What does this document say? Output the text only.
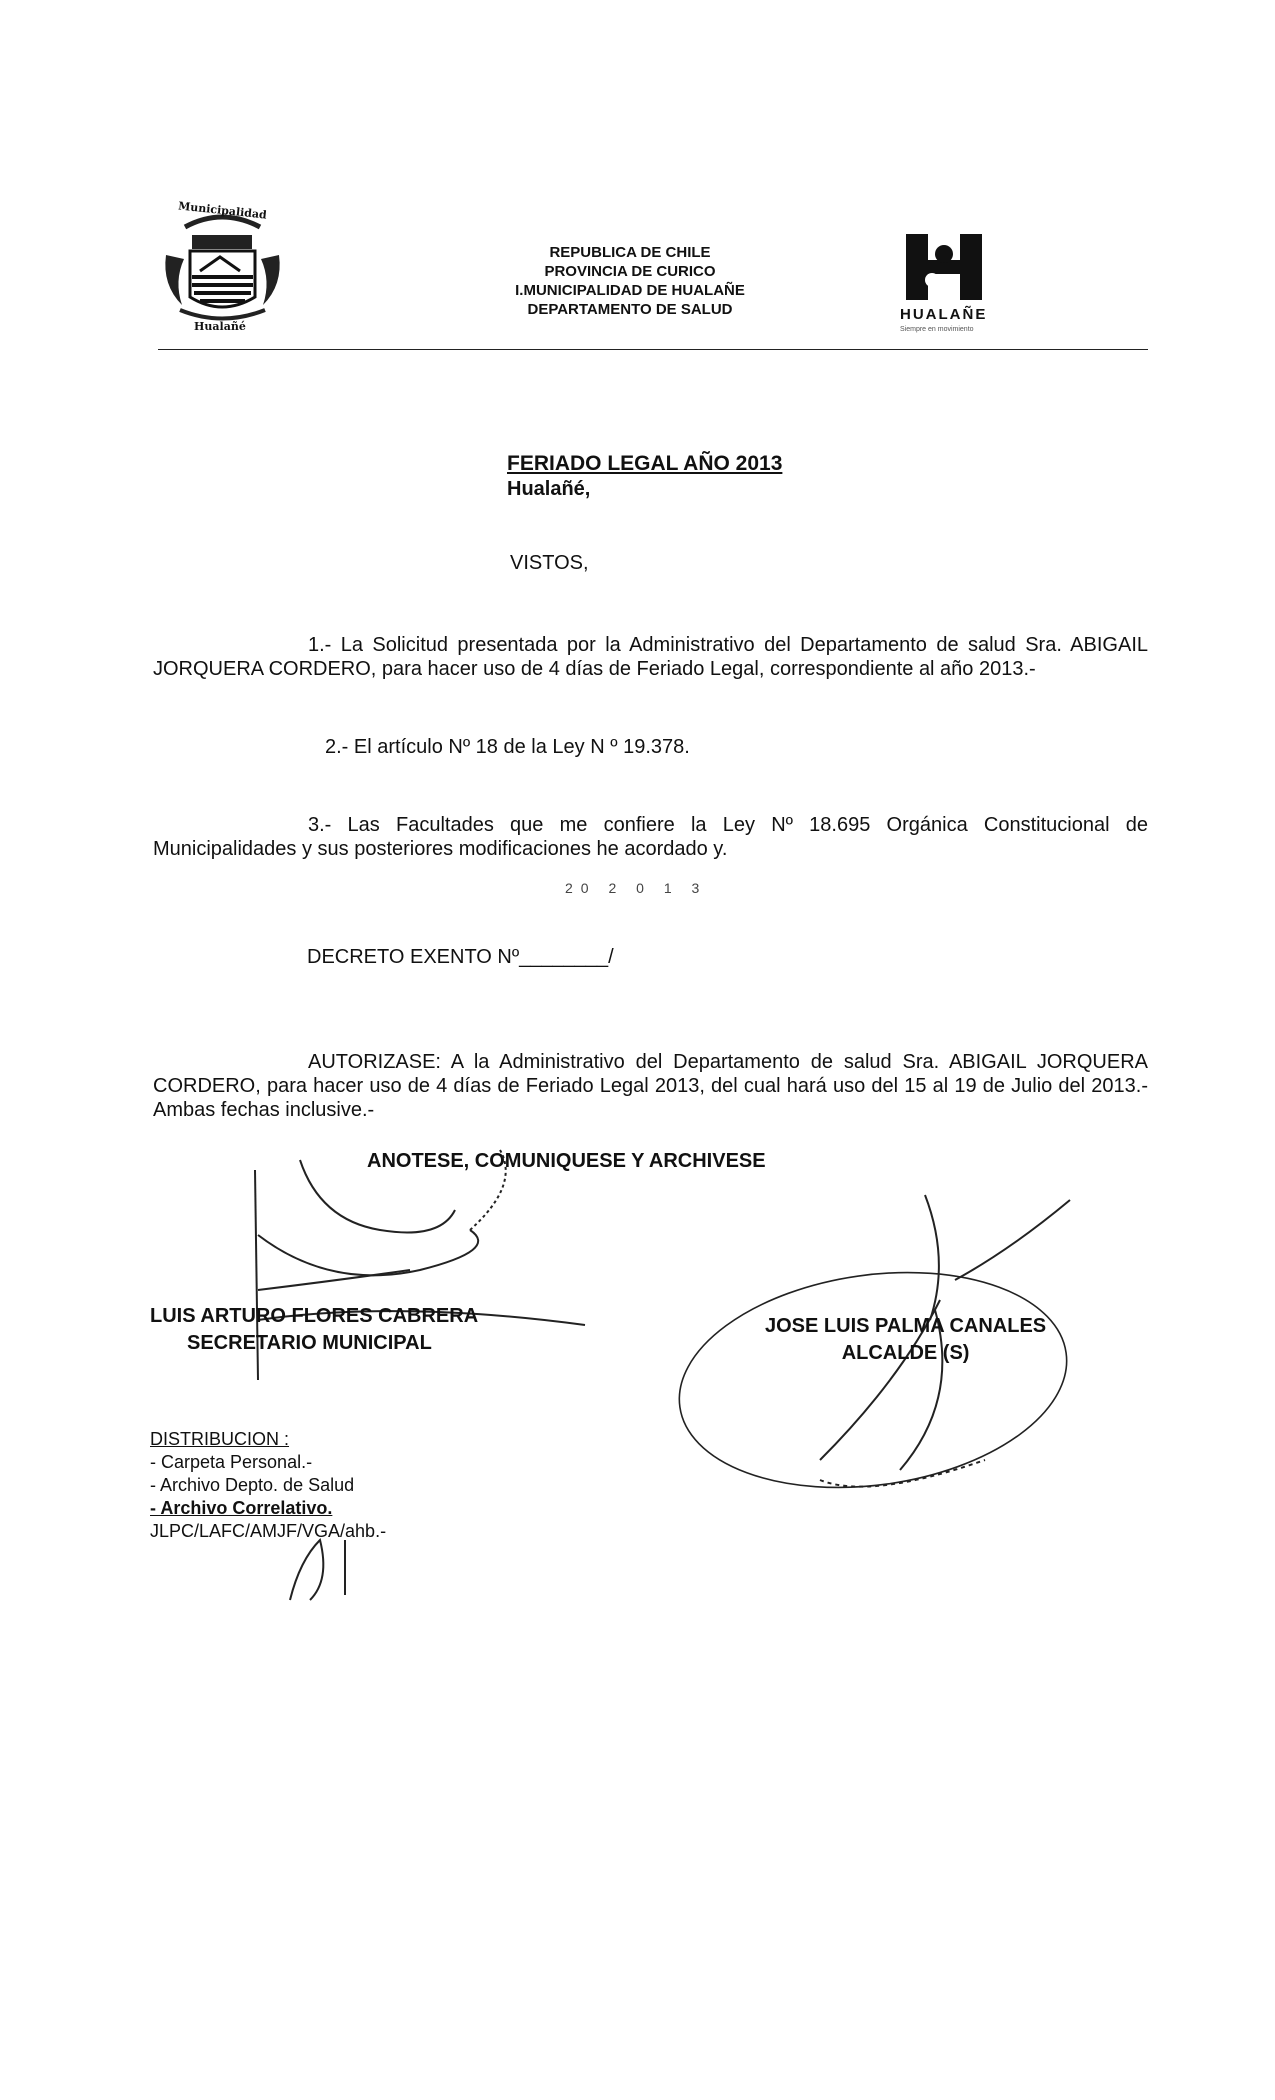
Municipalidad
Hualañé
REPUBLICA DE CHILE
PROVINCIA DE CURICO
I.MUNICIPALIDAD DE HUALAÑE
DEPARTAMENTO DE SALUD	HUALAÑE
Siempre en movimiento
FERIADO LEGAL AÑO 2013
Hualañé,
VISTOS,
1.- La Solicitud presentada por la Administrativo del Departamento de salud Sra. ABIGAIL JORQUERA CORDERO, para hacer uso de 4 días de Feriado Legal, correspondiente al año 2013.-
2.- El artículo Nº 18 de la Ley N º 19.378.
3.- Las Facultades que me confiere la Ley Nº 18.695 Orgánica Constitucional de Municipalidades y sus posteriores modificaciones he acordado y.
20 2 0 1 3
DECRETO EXENTO Nº________/
AUTORIZASE: A la Administrativo del Departamento de salud Sra. ABIGAIL JORQUERA CORDERO, para hacer uso de 4 días de Feriado Legal 2013, del cual hará uso del 15 al 19 de Julio del 2013.- Ambas fechas inclusive.-
ANOTESE, COMUNIQUESE Y ARCHIVESE
LUIS ARTURO FLORES CABRERA
SECRETARIO MUNICIPAL
JOSE LUIS PALMA CANALES
ALCALDE (S)
DISTRIBUCION :
- Carpeta Personal.-
- Archivo Depto. de Salud
- Archivo Correlativo.
JLPC/LAFC/AMJF/VGA/ahb.-
